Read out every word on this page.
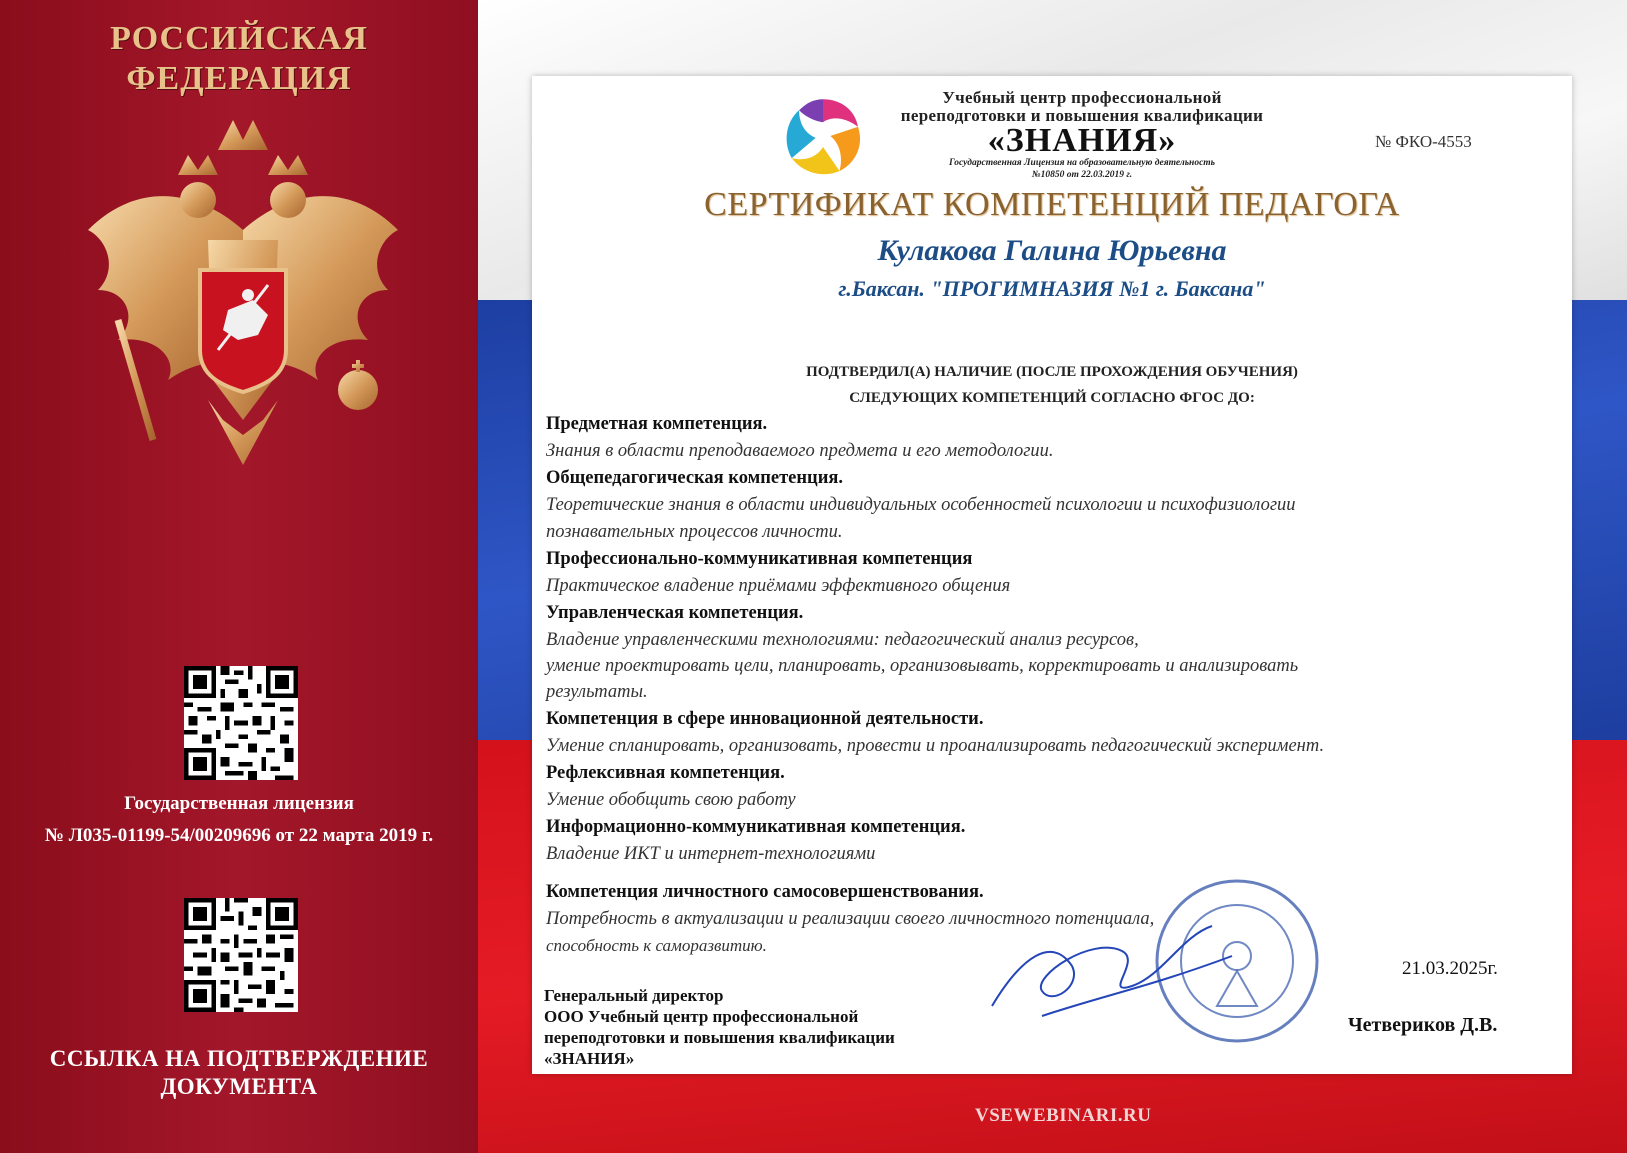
РОССИЙСКАЯ
ФЕДЕРАЦИЯ
Государственная лицензия
№ Л035-01199-54/00209696 от 22 марта 2019 г.
ССЫЛКА НА ПОДТВЕРЖДЕНИЕ
ДОКУМЕНТА
VSEWEBINARI.RU
Учебный центр профессиональной
переподготовки и повышения квалификации
«ЗНАНИЯ»
Государственная Лицензия на образовательную деятельность
№10850 от 22.03.2019 г.
№ ФКО-4553
СЕРТИФИКАТ КОМПЕТЕНЦИЙ ПЕДАГОГА
Кулакова Галина Юрьевна
г.Баксан. "ПРОГИМНАЗИЯ №1 г. Баксана"
ПОДТВЕРДИЛ(А) НАЛИЧИЕ (ПОСЛЕ ПРОХОЖДЕНИЯ ОБУЧЕНИЯ)
СЛЕДУЮЩИХ КОМПЕТЕНЦИЙ СОГЛАСНО ФГОС ДО:
Предметная компетенция.
Знания в области преподаваемого предмета и его методологии.
Общепедагогическая компетенция.
Теоретические знания в области индивидуальных особенностей психологии и психофизиологии
познавательных процессов личности.
Профессионально-коммуникативная компетенция
Практическое владение приёмами эффективного общения
Управленческая компетенция.
Владение управленческими технологиями: педагогический анализ ресурсов,
умение проектировать цели, планировать, организовывать, корректировать и анализировать
результаты.
Компетенция в сфере инновационной деятельности.
Умение спланировать, организовать, провести и проанализировать педагогический эксперимент.
Рефлексивная компетенция.
Умение обобщить свою работу
Информационно-коммуникативная компетенция.
Владение ИКТ и интернет-технологиями
Компетенция личностного самосовершенствования.
Потребность в актуализации и реализации своего личностного потенциала,
способность к саморазвитию.
21.03.2025г.
Генеральный директор
ООО Учебный центр профессиональной
переподготовки и повышения квалификации
«ЗНАНИЯ»
Четвериков Д.В.
